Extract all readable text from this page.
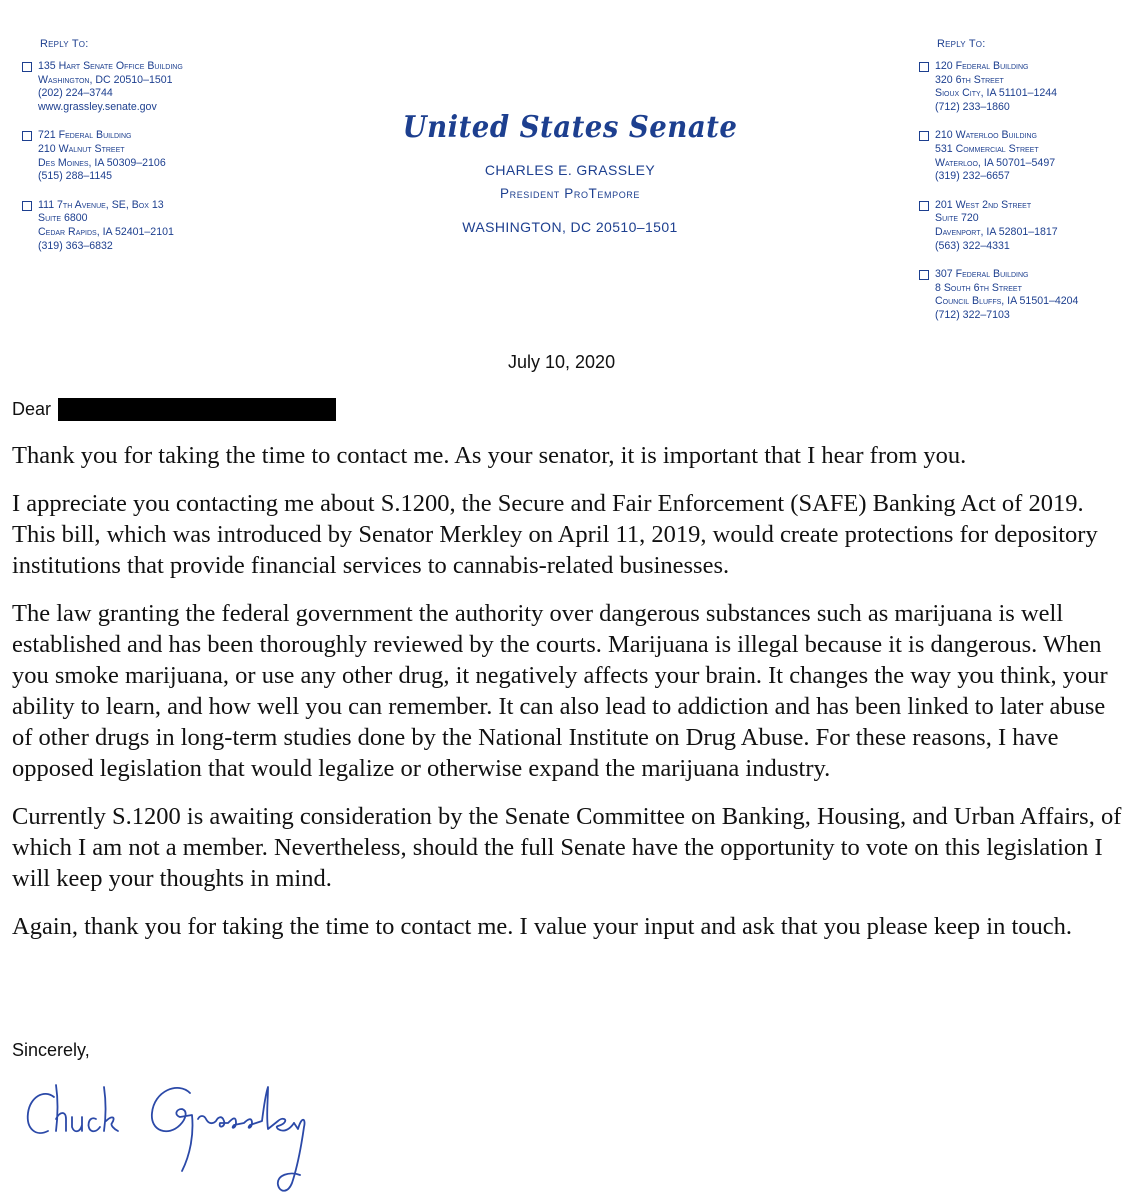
Reply To:
135 Hart Senate Office Building
Washington, DC 20510–1501
(202) 224–3744
www.grassley.senate.gov
721 Federal Building
210 Walnut Street
Des Moines, IA 50309–2106
(515) 288–1145
111 7th Avenue, SE, Box 13
Suite 6800
Cedar Rapids, IA 52401–2101
(319) 363–6832
United States Senate
CHARLES E. GRASSLEY
President ProTempore
WASHINGTON, DC 20510–1501
Reply To:
120 Federal Building
320 6th Street
Sioux City, IA 51101–1244
(712) 233–1860
210 Waterloo Building
531 Commercial Street
Waterloo, IA 50701–5497
(319) 232–6657
201 West 2nd Street
Suite 720
Davenport, IA 52801–1817
(563) 322–4331
307 Federal Building
8 South 6th Street
Council Bluffs, IA 51501–4204
(712) 322–7103
July 10, 2020
Dear

Thank you for taking the time to contact me. As your senator, it is important that I hear from you.

I appreciate you contacting me about S.1200, the Secure and Fair Enforcement (SAFE) Banking Act of 2019. This bill, which was introduced by Senator Merkley on April 11, 2019, would create protections for depository institutions that provide financial services to cannabis-related businesses.

The law granting the federal government the authority over dangerous substances such as marijuana is well established and has been thoroughly reviewed by the courts. Marijuana is illegal because it is dangerous. When you smoke marijuana, or use any other drug, it negatively affects your brain. It changes the way you think, your ability to learn, and how well you can remember. It can also lead to addiction and has been linked to later abuse of other drugs in long-term studies done by the National Institute on Drug Abuse. For these reasons, I have opposed legislation that would legalize or otherwise expand the marijuana industry.

Currently S.1200 is awaiting consideration by the Senate Committee on Banking, Housing, and Urban Affairs, of which I am not a member. Nevertheless, should the full Senate have the opportunity to vote on this legislation I will keep your thoughts in mind.

Again, thank you for taking the time to contact me. I value your input and ask that you please keep in touch.

Sincerely,
